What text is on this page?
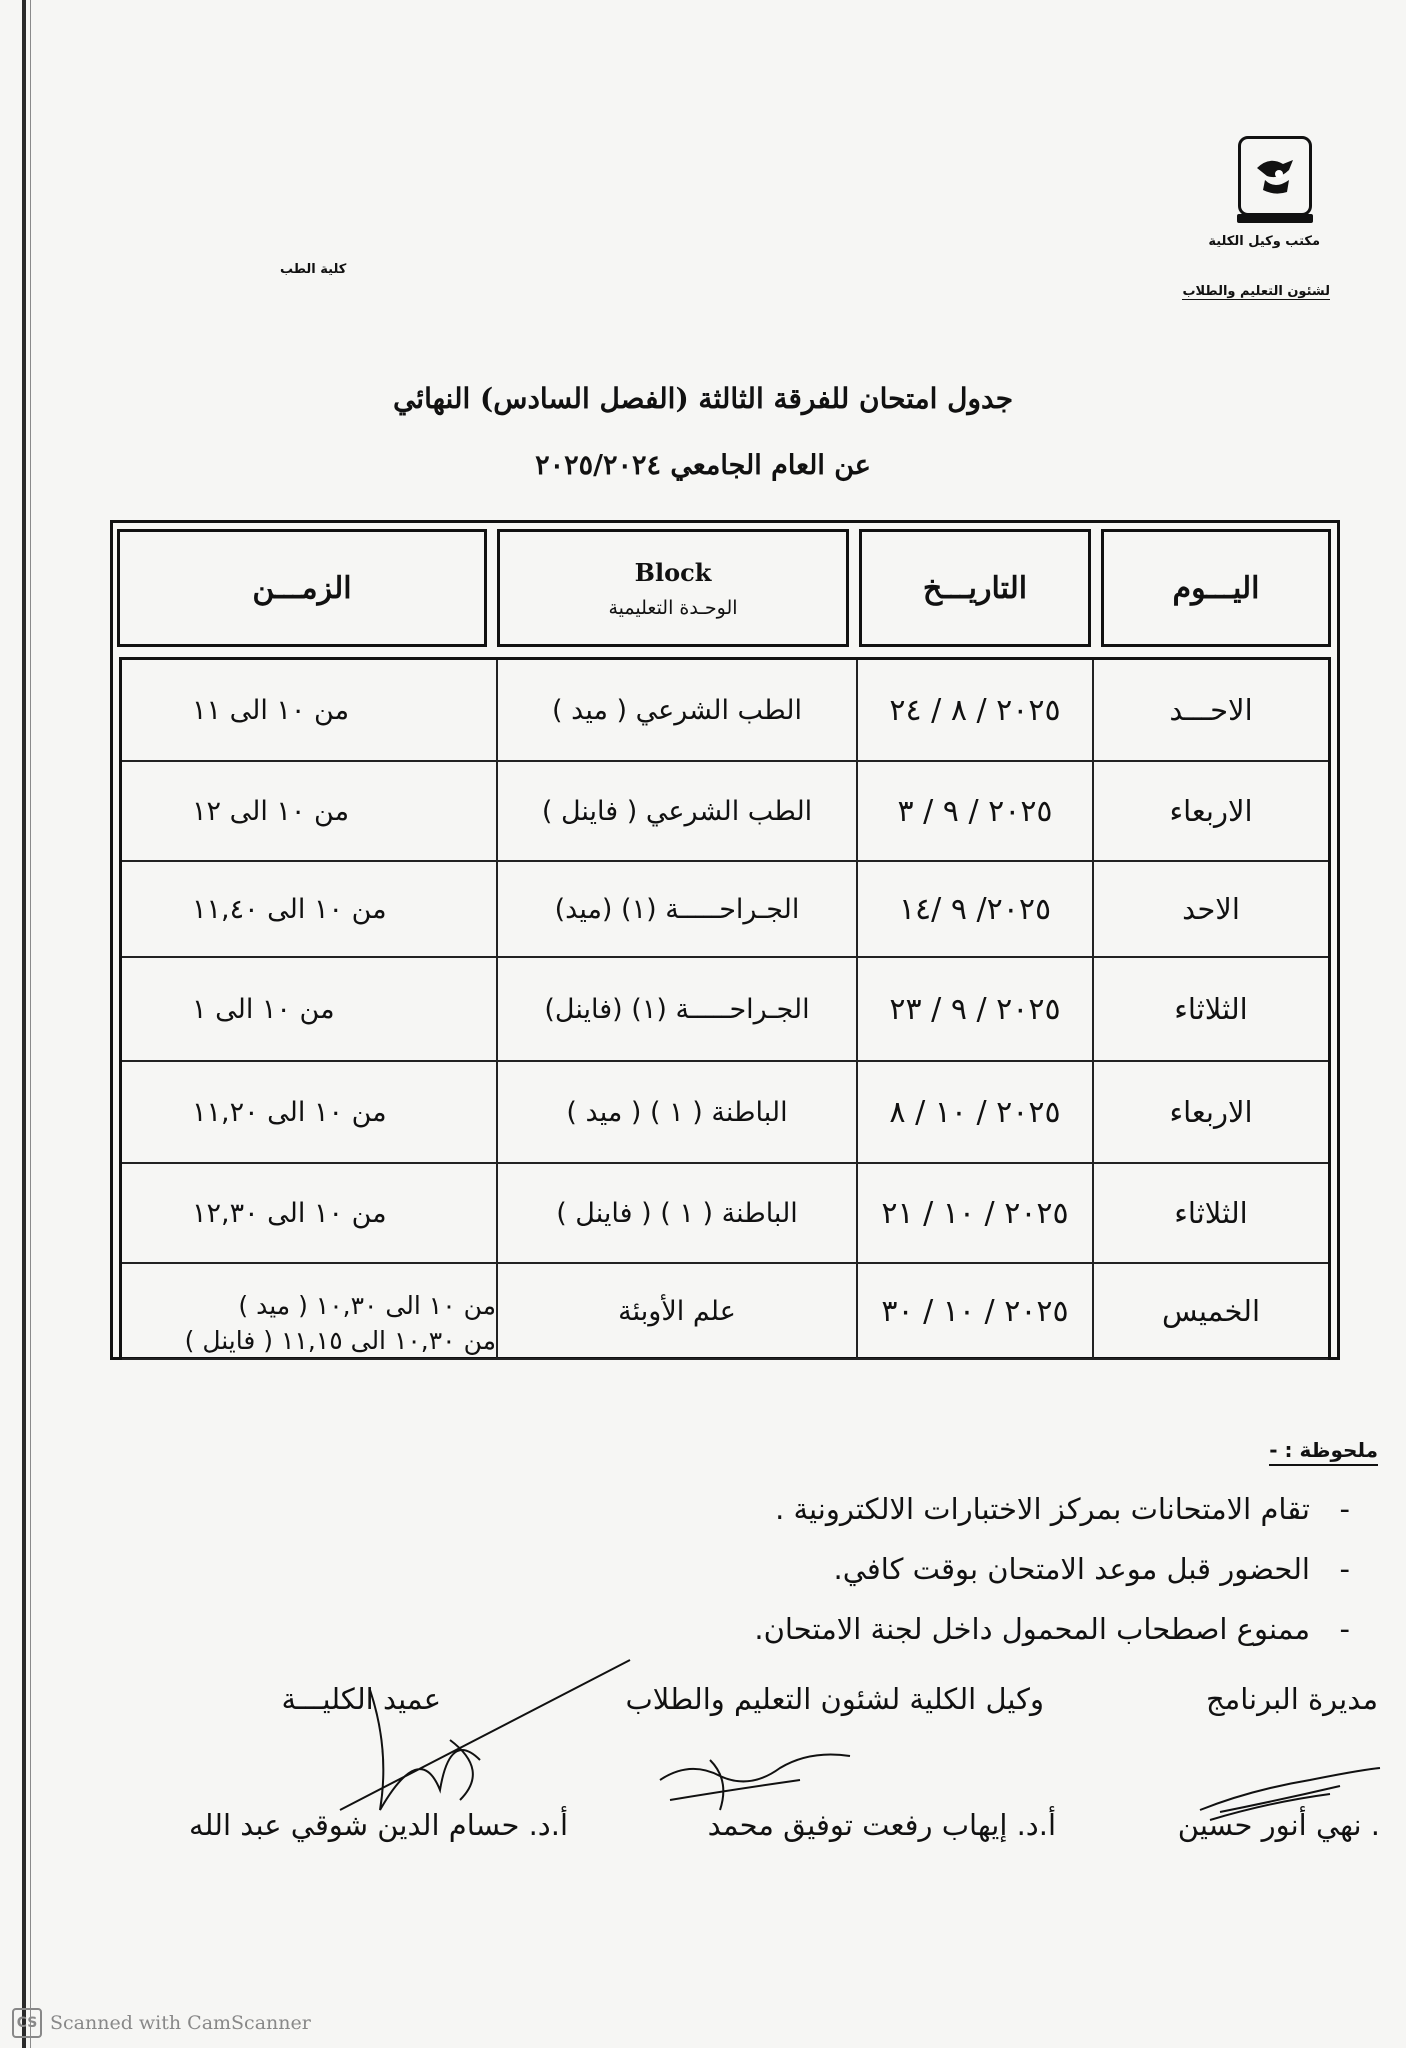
مكتب وكيل الكلية
لشئون التعليم والطلاب
كلية الطب
جدول امتحان للفرقة الثالثة (الفصل السادس) النهائي
عن العام الجامعي ٢٠٢٥/٢٠٢٤
اليـــوم
التاريـــخ
Block
الوحـدة التعليمية
الزمـــن
الاحـــد
٢٠٢٥ / ٨ / ٢٤
الطب الشرعي ( ميد )
من ١٠ الى ١١
الاربعاء
٢٠٢٥ / ٩ / ٣
الطب الشرعي ( فاينل )
من ١٠ الى ١٢
الاحد
٢٠٢٥/ ٩ /١٤
الجـراحـــــة (١) (ميد)
من ١٠ الى ١١,٤٠
الثلاثاء
٢٠٢٥ / ٩ / ٢٣
الجـراحـــــة (١) (فاينل)
من ١٠ الى ١
الاربعاء
٢٠٢٥ / ١٠ / ٨
الباطنة ( ١ ) ( ميد )
من ١٠ الى ١١,٢٠
الثلاثاء
٢٠٢٥ / ١٠ / ٢١
الباطنة ( ١ ) ( فاينل )
من ١٠ الى ١٢,٣٠
الخميس
٢٠٢٥ / ١٠ / ٣٠
علم الأوبئة
من ١٠ الى ١٠,٣٠ ( ميد )
من ١٠,٣٠ الى ١١,١٥ ( فاينل )
ملحوظة : -
-تقام الامتحانات بمركز الاختبارات الالكترونية .
-الحضور قبل موعد الامتحان بوقت كافي.
-ممنوع اصطحاب المحمول داخل لجنة الامتحان.
مديرة البرنامج
وكيل الكلية لشئون التعليم والطلاب
عميد الكليـــة
. نهي أنور حسين
أ.د. إيهاب رفعت توفيق محمد
أ.د. حسام الدين شوقي عبد الله
CS Scanned with CamScanner
